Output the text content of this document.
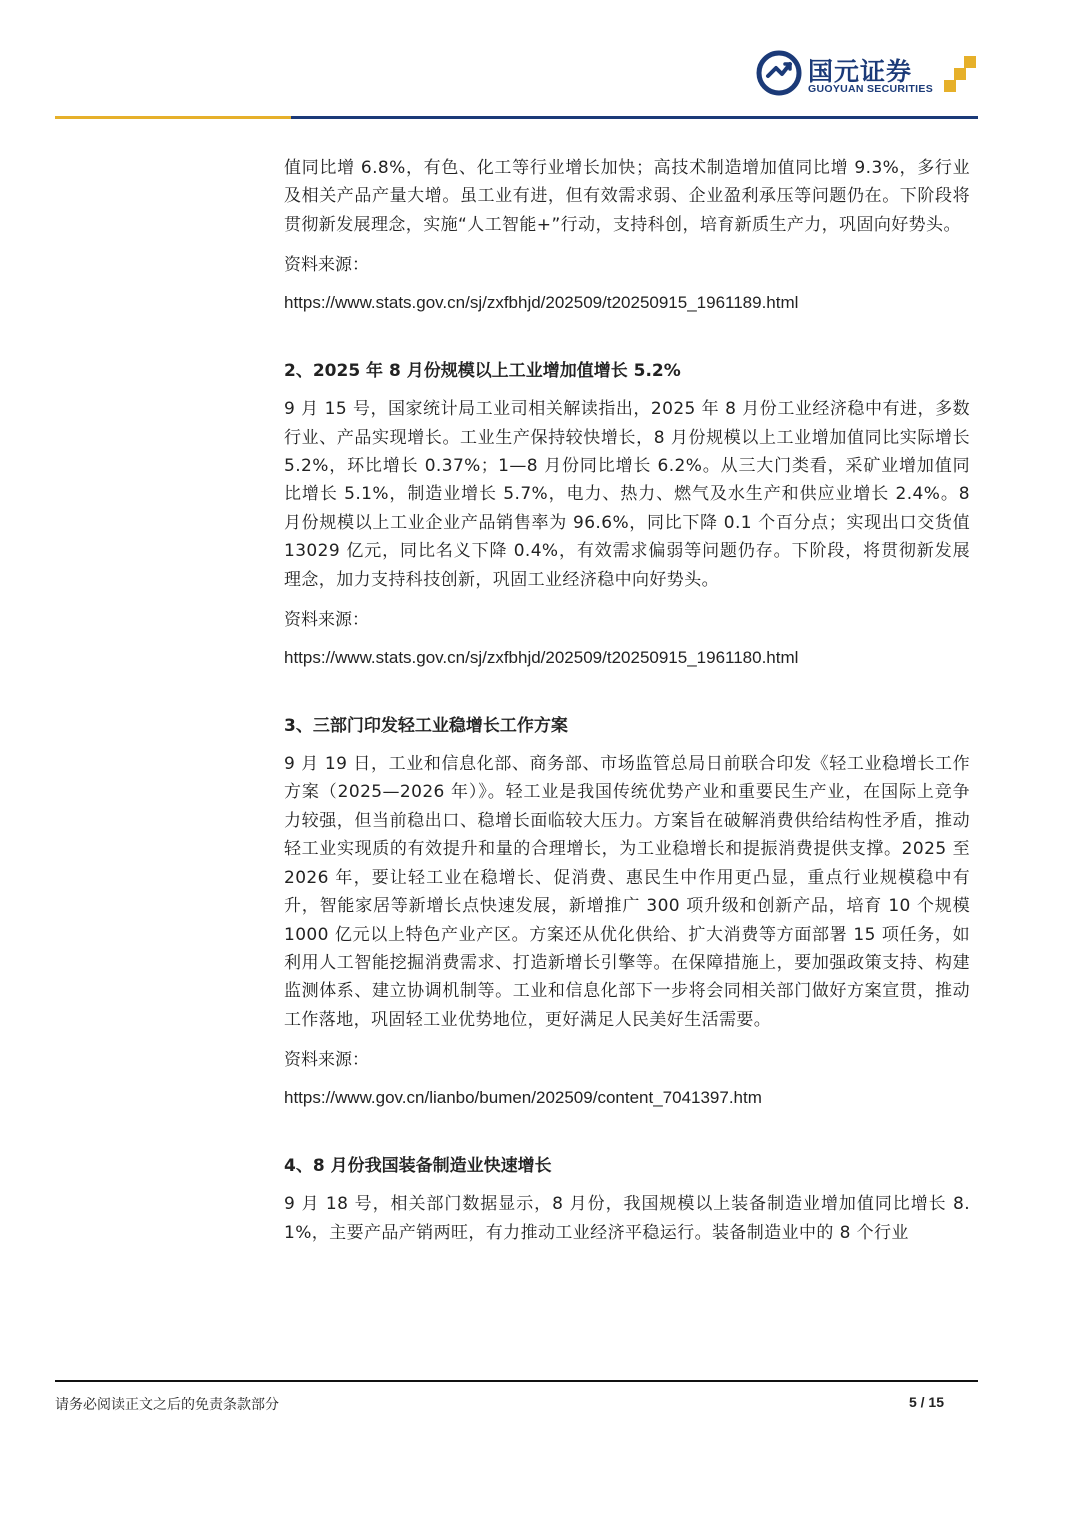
国元证券
GUOYUAN SECURITIES

值同比增 6.8%，有色、化工等行业增长加快；高技术制造增加值同比增 9.3%，多行业及相关产品产量大增。虽工业有进，但有效需求弱、企业盈利承压等问题仍在。下阶段将贯彻新发展理念，实施“人工智能+”行动，支持科创，培育新质生产力，巩固向好势头。

资料来源：

https://www.stats.gov.cn/sj/zxfbhjd/202509/t20250915_1961189.html

2、2025 年 8 月份规模以上工业增加值增长 5.2%

9 月 15 号，国家统计局工业司相关解读指出，2025 年 8 月份工业经济稳中有进，多数行业、产品实现增长。工业生产保持较快增长，8 月份规模以上工业增加值同比实际增长 5.2%，环比增长 0.37%；1—8 月份同比增长 6.2%。从三大门类看，采矿业增加值同比增长 5.1%，制造业增长 5.7%，电力、热力、燃气及水生产和供应业增长 2.4%。8 月份规模以上工业企业产品销售率为 96.6%，同比下降 0.1 个百分点；实现出口交货值 13029 亿元，同比名义下降 0.4%，有效需求偏弱等问题仍存。下阶段，将贯彻新发展理念，加力支持科技创新，巩固工业经济稳中向好势头。

资料来源：

https://www.stats.gov.cn/sj/zxfbhjd/202509/t20250915_1961180.html

3、三部门印发轻工业稳增长工作方案

9 月 19 日，工业和信息化部、商务部、市场监管总局日前联合印发《轻工业稳增长工作方案（2025—2026 年）》。轻工业是我国传统优势产业和重要民生产业，在国际上竞争力较强，但当前稳出口、稳增长面临较大压力。方案旨在破解消费供给结构性矛盾，推动轻工业实现质的有效提升和量的合理增长，为工业稳增长和提振消费提供支撑。2025 至 2026 年，要让轻工业在稳增长、促消费、惠民生中作用更凸显，重点行业规模稳中有升，智能家居等新增长点快速发展，新增推广 300 项升级和创新产品，培育 10 个规模 1000 亿元以上特色产业产区。方案还从优化供给、扩大消费等方面部署 15 项任务，如利用人工智能挖掘消费需求、打造新增长引擎等。在保障措施上，要加强政策支持、构建监测体系、建立协调机制等。工业和信息化部下一步将会同相关部门做好方案宣贯，推动工作落地，巩固轻工业优势地位，更好满足人民美好生活需要。

资料来源：

https://www.gov.cn/lianbo/bumen/202509/content_7041397.htm

4、8 月份我国装备制造业快速增长

9 月 18 号，相关部门数据显示，8 月份，我国规模以上装备制造业增加值同比增长 8. 1%，主要产品产销两旺，有力推动工业经济平稳运行。装备制造业中的 8 个行业

请务必阅读正文之后的免责条款部分	5 / 15
